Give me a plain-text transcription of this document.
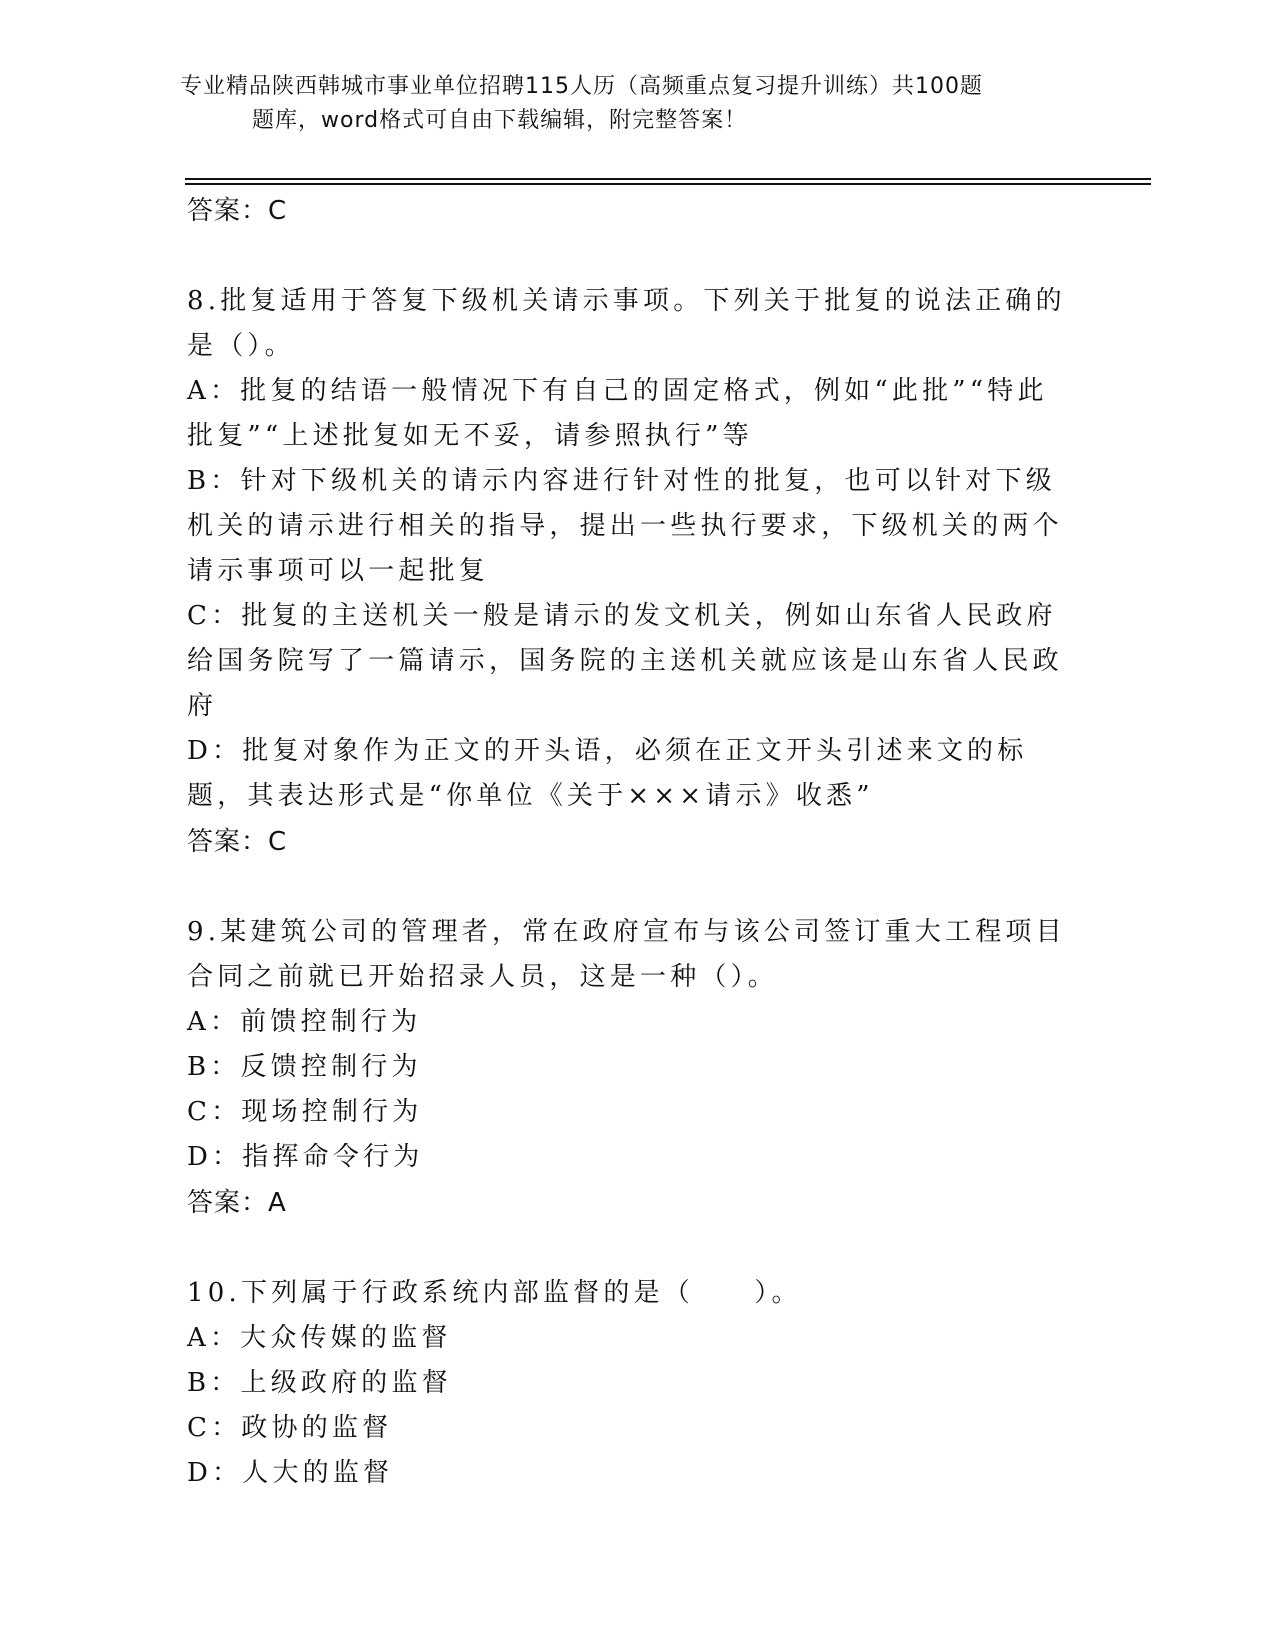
专业精品陕西韩城市事业单位招聘115人历（高频重点复习提升训练）共100题
题库，word格式可自由下载编辑，附完整答案！

答案：C

8.批复适用于答复下级机关请示事项。下列关于批复的说法正确的是（）。

A：批复的结语一般情况下有自己的固定格式，例如“此批”“特此批复”“上述批复如无不妥，请参照执行”等

B：针对下级机关的请示内容进行针对性的批复，也可以针对下级机关的请示进行相关的指导，提出一些执行要求，下级机关的两个请示事项可以一起批复

C：批复的主送机关一般是请示的发文机关，例如山东省人民政府给国务院写了一篇请示，国务院的主送机关就应该是山东省人民政府

D：批复对象作为正文的开头语，必须在正文开头引述来文的标题，其表达形式是“你单位《关于×××请示》收悉”

答案：C

9.某建筑公司的管理者，常在政府宣布与该公司签订重大工程项目合同之前就已开始招录人员，这是一种（）。

A：前馈控制行为

B：反馈控制行为

C：现场控制行为

D：指挥命令行为

答案：A

10.下列属于行政系统内部监督的是（　　）。

A：大众传媒的监督

B：上级政府的监督

C：政协的监督

D：人大的监督
